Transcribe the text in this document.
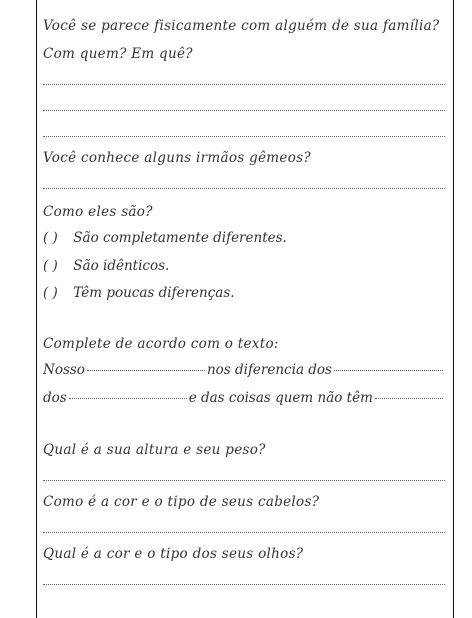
Você se parece fisicamente com alguém de sua família?
Com quem? Em quê?
Você conhece alguns irmãos gêmeos?
Como eles são?
( ) São completamente diferentes.
( ) São idênticos.
( ) Têm poucas diferenças.
Complete de acordo com o texto:
Nosso	nos diferencia dos
dos	e das coisas quem não têm
Qual é a sua altura e seu peso?
Como é a cor e o tipo de seus cabelos?
Qual é a cor e o tipo dos seus olhos?
